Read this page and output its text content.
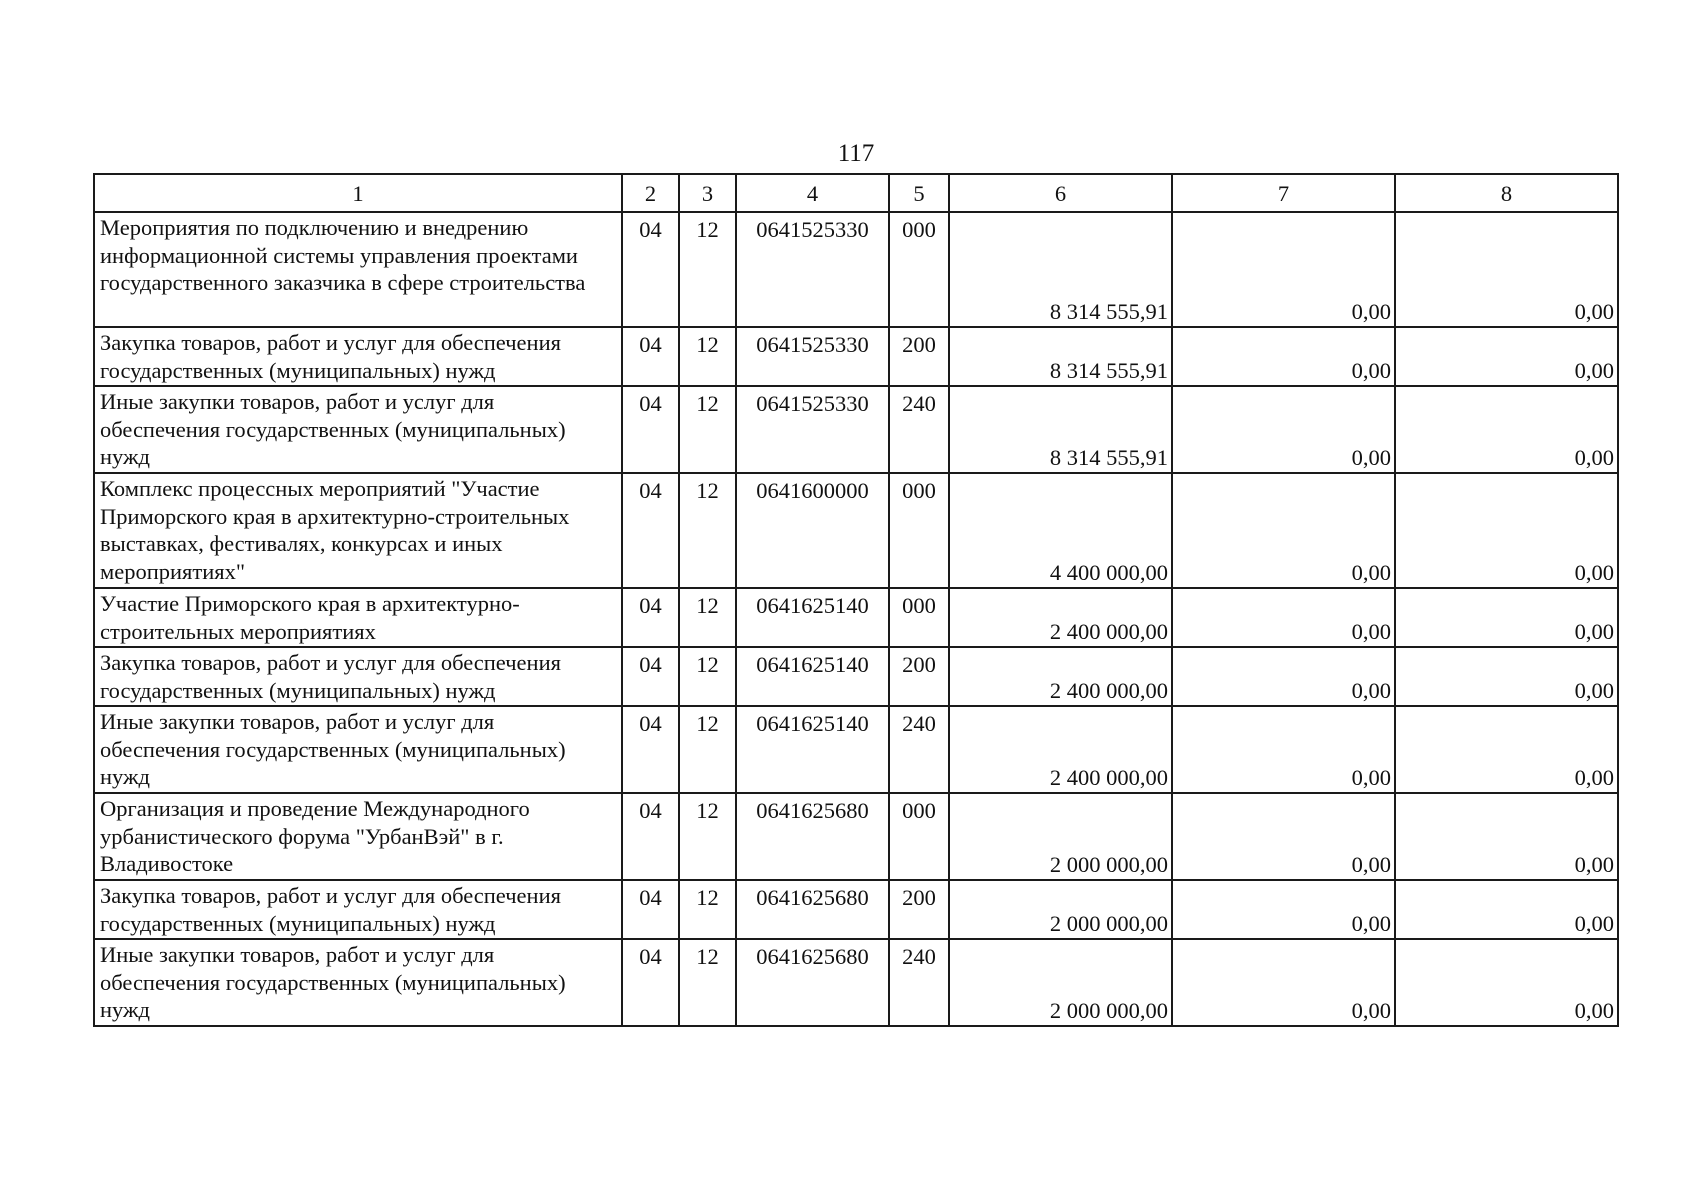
117
1	2	3	4	5	6	7	8
Мероприятия по подключению и внедрению информационной системы управления проектами государственного заказчика в сфере строительства	04	12	0641525330	000	8 314 555,91	0,00	0,00
Закупка товаров, работ и услуг для обеспечения государственных (муниципальных) нужд	04	12	0641525330	200	8 314 555,91	0,00	0,00
Иные закупки товаров, работ и услуг для обеспечения государственных (муниципальных) нужд	04	12	0641525330	240	8 314 555,91	0,00	0,00
Комплекс процессных мероприятий "Участие Приморского края в архитектурно-строительных выставках, фестивалях, конкурсах и иных мероприятиях"	04	12	0641600000	000	4 400 000,00	0,00	0,00
Участие Приморского края в архитектурно-строительных мероприятиях	04	12	0641625140	000	2 400 000,00	0,00	0,00
Закупка товаров, работ и услуг для обеспечения государственных (муниципальных) нужд	04	12	0641625140	200	2 400 000,00	0,00	0,00
Иные закупки товаров, работ и услуг для обеспечения государственных (муниципальных) нужд	04	12	0641625140	240	2 400 000,00	0,00	0,00
Организация и проведение Международного урбанистического форума "УрбанВэй" в г. Владивостоке	04	12	0641625680	000	2 000 000,00	0,00	0,00
Закупка товаров, работ и услуг для обеспечения государственных (муниципальных) нужд	04	12	0641625680	200	2 000 000,00	0,00	0,00
Иные закупки товаров, работ и услуг для обеспечения государственных (муниципальных) нужд	04	12	0641625680	240	2 000 000,00	0,00	0,00
